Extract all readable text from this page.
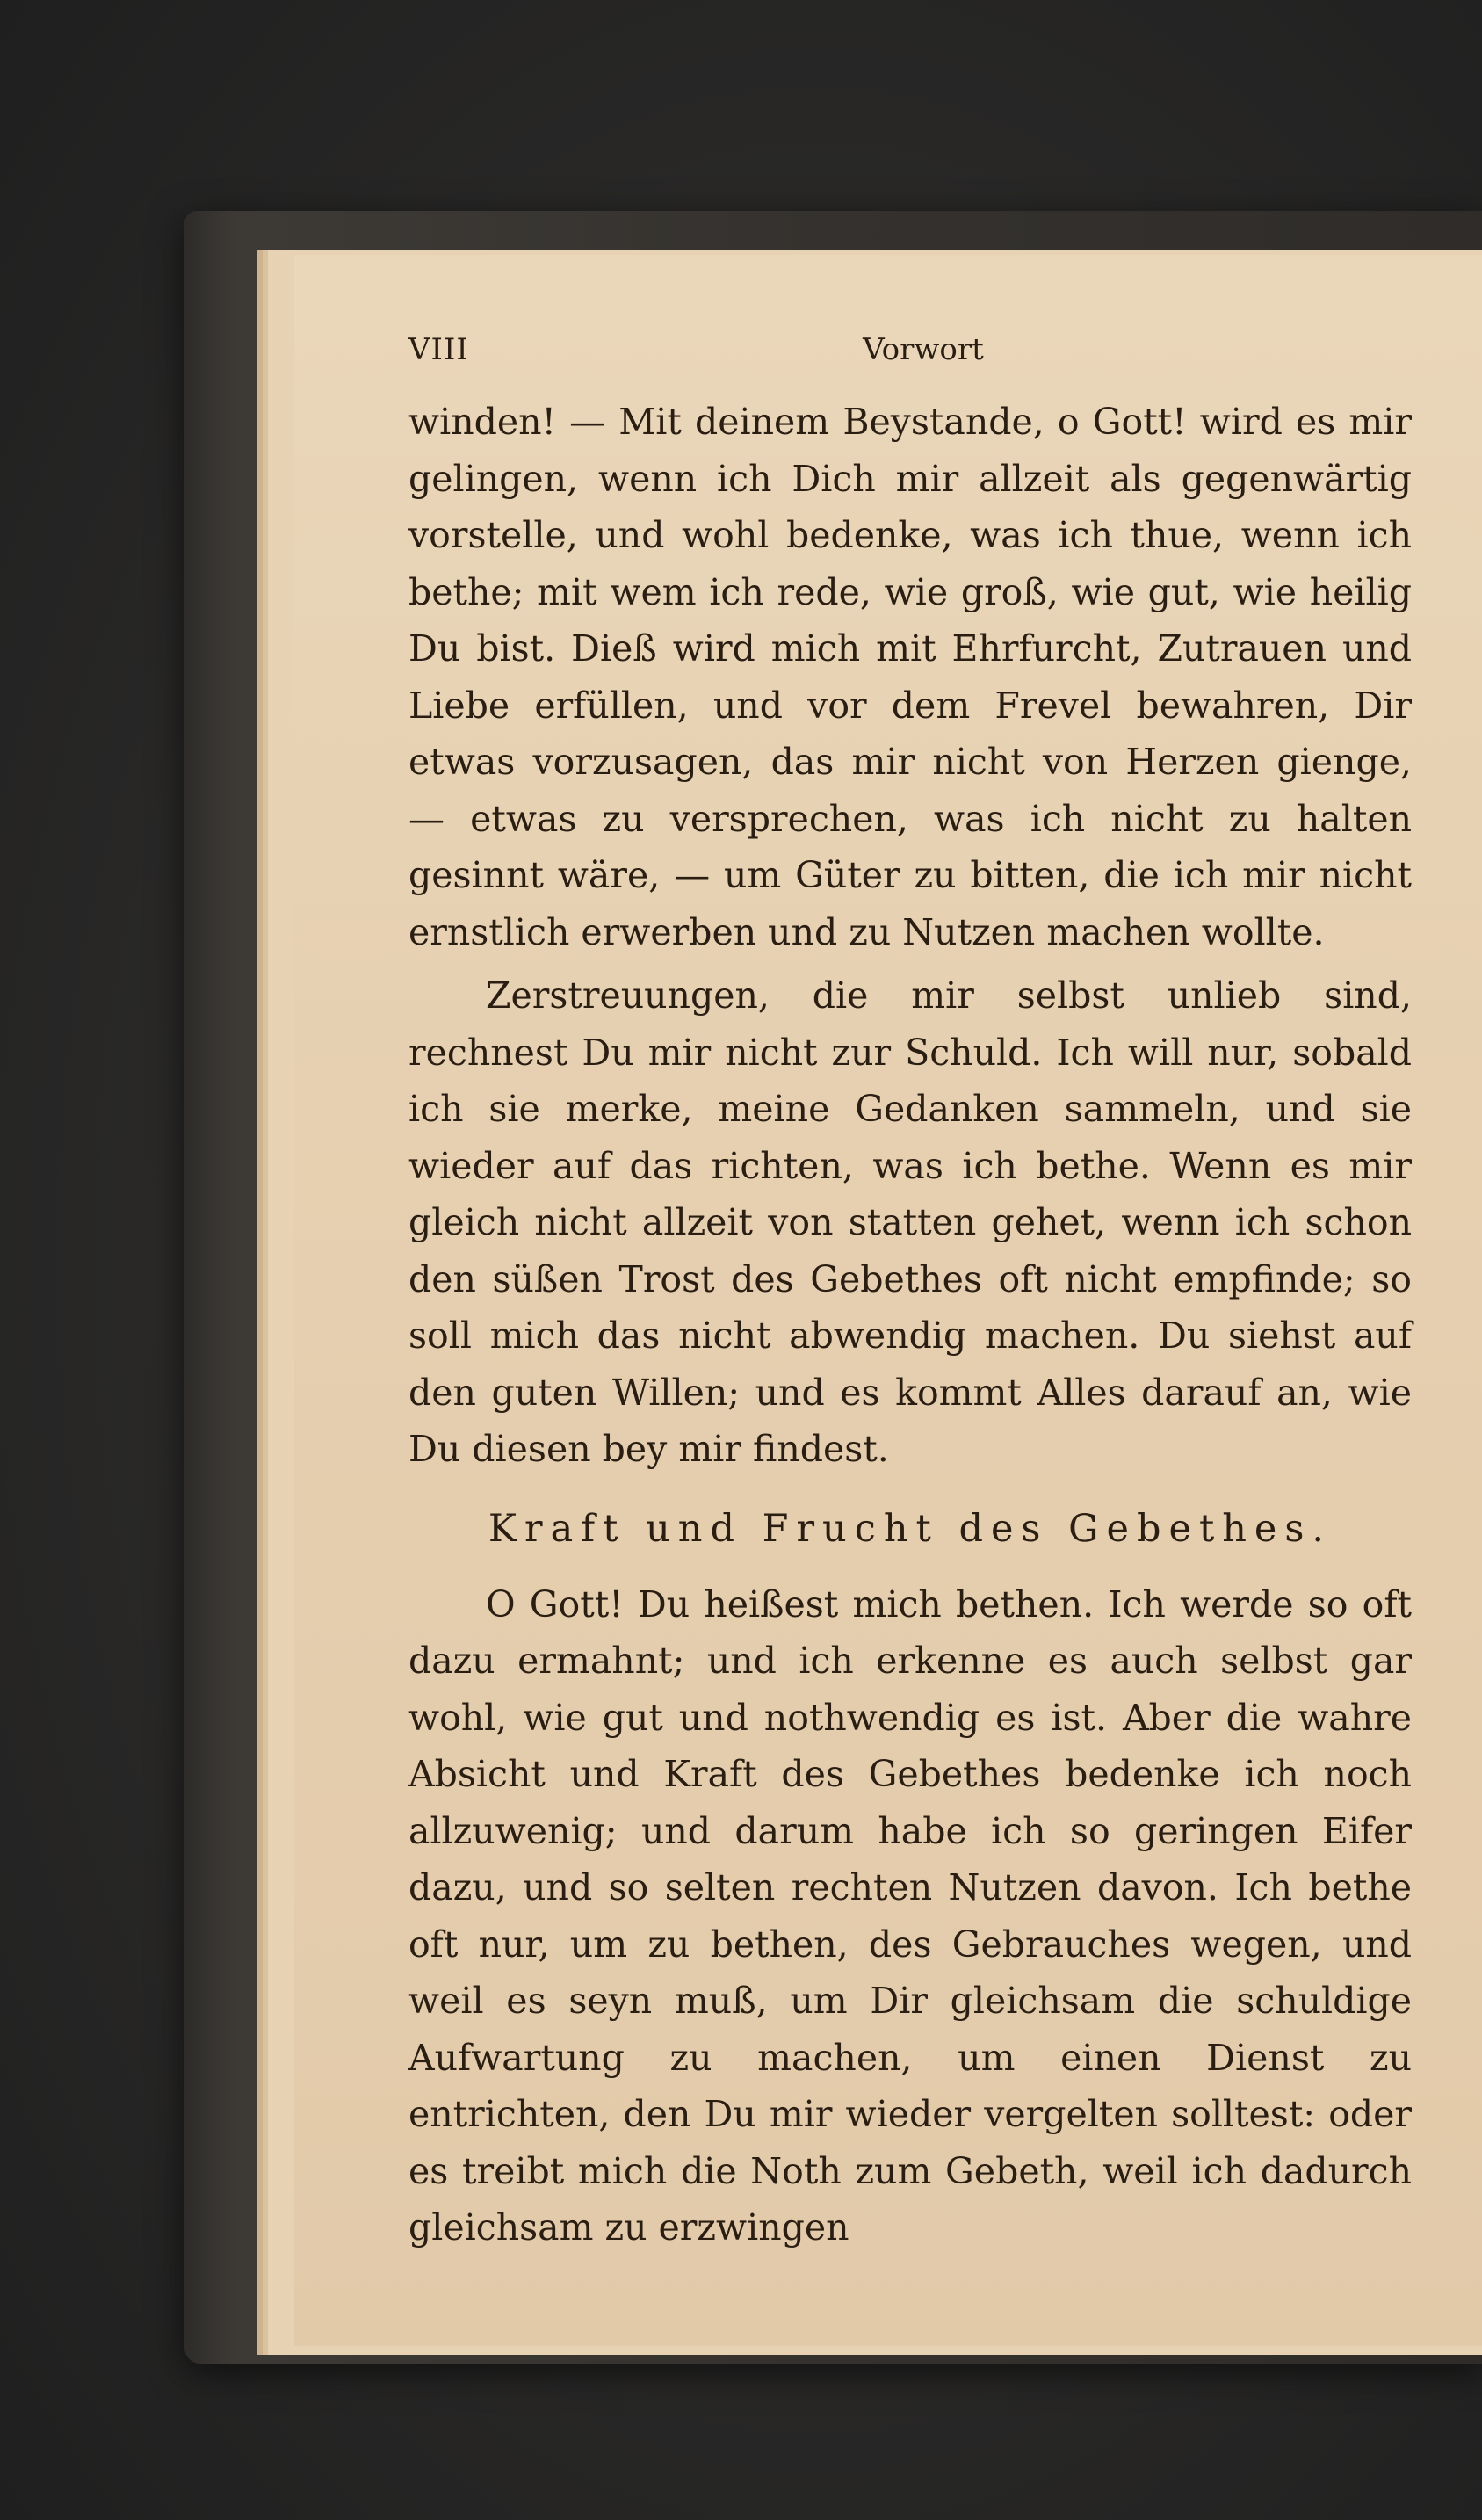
VIII	Vorwort

winden! — Mit deinem Beystande, o Gott! wird es mir gelingen, wenn ich Dich mir allzeit als gegenwärtig vorstelle, und wohl bedenke, was ich thue, wenn ich bethe; mit wem ich rede, wie groß, wie gut, wie heilig Du bist. Dieß wird mich mit Ehrfurcht, Zutrauen und Liebe erfüllen, und vor dem Frevel bewahren, Dir etwas vorzusagen, das mir nicht von Herzen gienge, — etwas zu versprechen, was ich nicht zu halten gesinnt wäre, — um Güter zu bitten, die ich mir nicht ernstlich erwerben und zu Nutzen machen wollte.

Zerstreuungen, die mir selbst unlieb sind, rechnest Du mir nicht zur Schuld. Ich will nur, sobald ich sie merke, meine Gedanken sammeln, und sie wieder auf das richten, was ich bethe. Wenn es mir gleich nicht allzeit von statten gehet, wenn ich schon den süßen Trost des Gebethes oft nicht empfinde; so soll mich das nicht abwendig machen. Du siehst auf den guten Willen; und es kommt Alles darauf an, wie Du diesen bey mir findest.

Kraft und Frucht des Gebethes.

O Gott! Du heißest mich bethen. Ich werde so oft dazu ermahnt; und ich erkenne es auch selbst gar wohl, wie gut und nothwendig es ist. Aber die wahre Absicht und Kraft des Gebethes bedenke ich noch allzuwenig; und darum habe ich so geringen Eifer dazu, und so selten rechten Nutzen davon. Ich bethe oft nur, um zu bethen, des Gebrauches wegen, und weil es seyn muß, um Dir gleichsam die schuldige Aufwartung zu machen, um einen Dienst zu entrichten, den Du mir wieder vergelten solltest: oder es treibt mich die Noth zum Gebeth, weil ich dadurch gleichsam zu erzwingen
